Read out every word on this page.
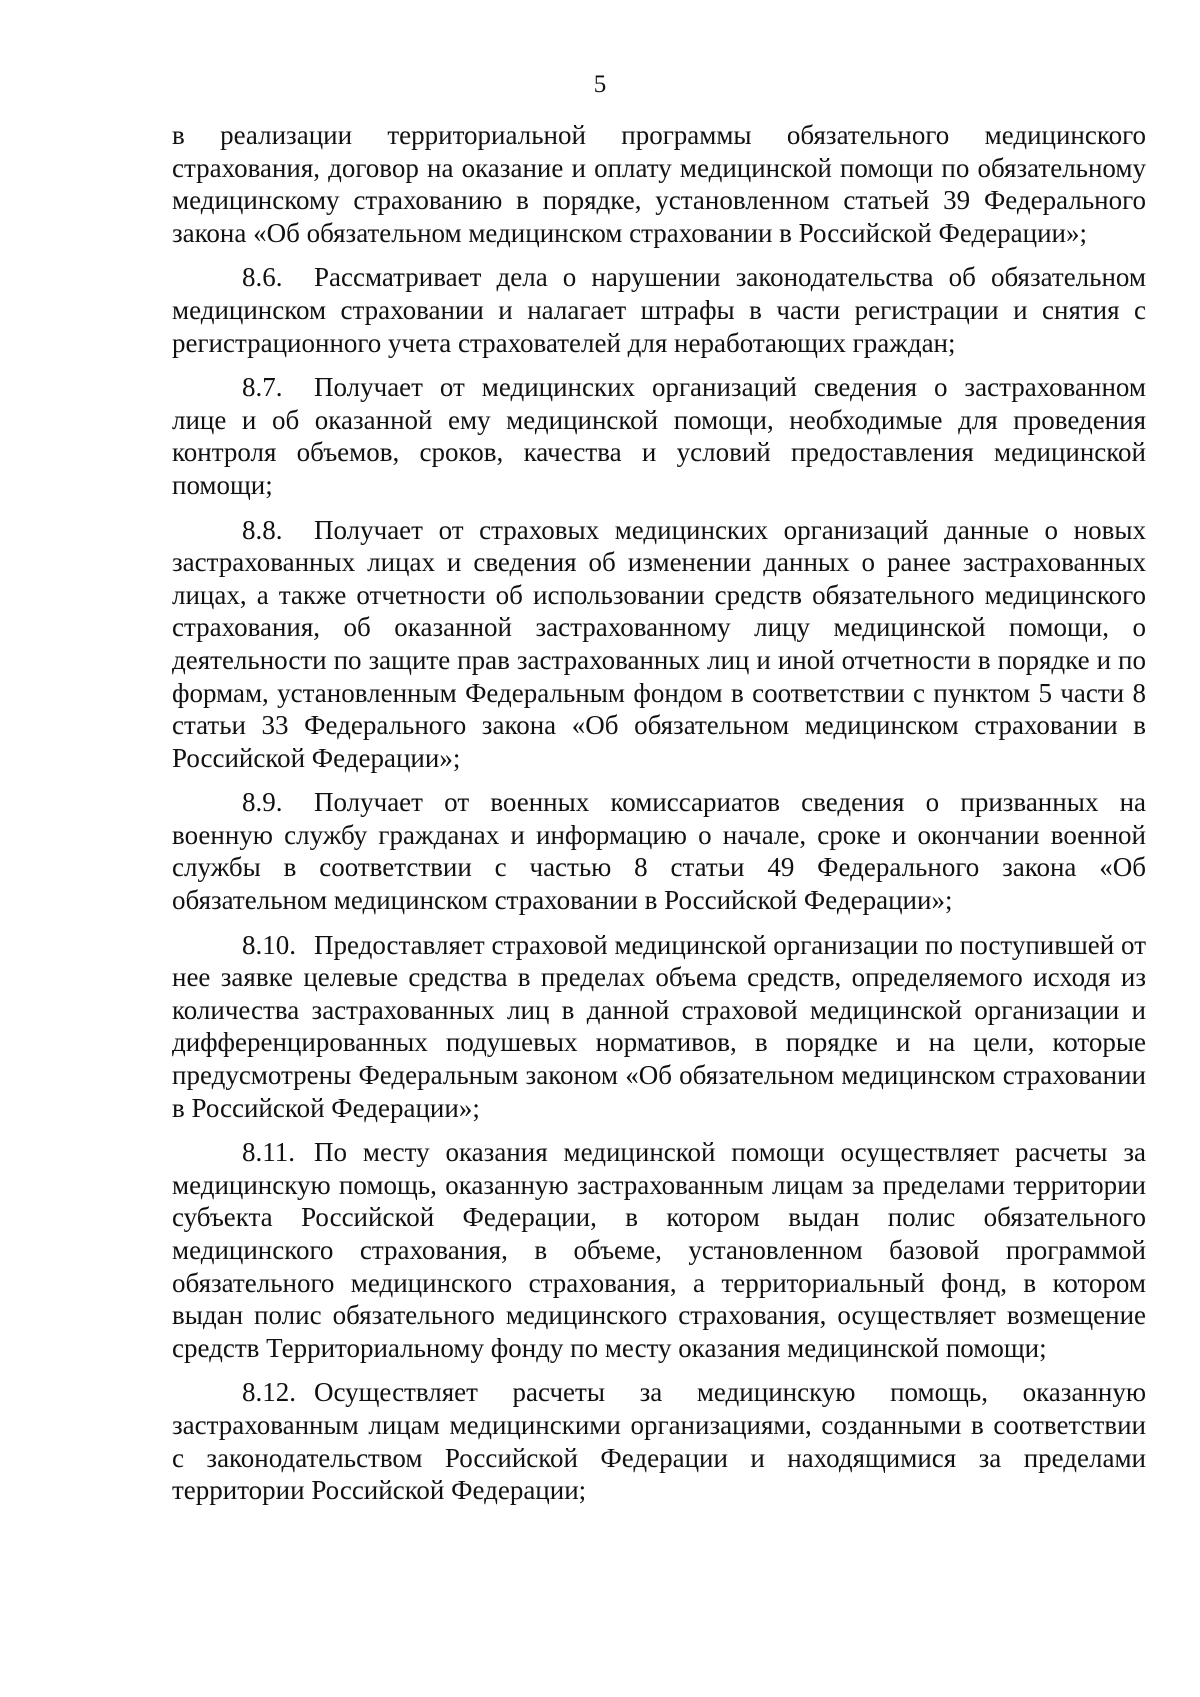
5

в реализации территориальной программы обязательного медицинского страхования, договор на оказание и оплату медицинской помощи по обязательному медицинскому страхованию в порядке, установленном статьей 39 Федерального закона «Об обязательном медицинском страховании в Российской Федерации»;

8.6. Рассматривает дела о нарушении законодательства об обязательном медицинском страховании и налагает штрафы в части регистрации и снятия с регистрационного учета страхователей для неработающих граждан;

8.7. Получает от медицинских организаций сведения о застрахованном лице и об оказанной ему медицинской помощи, необходимые для проведения контроля объемов, сроков, качества и условий предоставления медицинской помощи;

8.8. Получает от страховых медицинских организаций данные о новых застрахованных лицах и сведения об изменении данных о ранее застрахованных лицах, а также отчетности об использовании средств обязательного медицинского страхования, об оказанной застрахованному лицу медицинской помощи, о деятельности по защите прав застрахованных лиц и иной отчетности в порядке и по формам, установленным Федеральным фондом в соответствии с пунктом 5 части 8 статьи 33 Федерального закона «Об обязательном медицинском страховании в Российской Федерации»;

8.9. Получает от военных комиссариатов сведения о призванных на военную службу гражданах и информацию о начале, сроке и окончании военной службы в соответствии с частью 8 статьи 49 Федерального закона «Об обязательном медицинском страховании в Российской Федерации»;

8.10. Предоставляет страховой медицинской организации по поступившей от нее заявке целевые средства в пределах объема средств, определяемого исходя из количества застрахованных лиц в данной страховой медицинской организации и дифференцированных подушевых нормативов, в порядке и на цели, которые предусмотрены Федеральным законом «Об обязательном медицинском страховании в Российской Федерации»;

8.11. По месту оказания медицинской помощи осуществляет расчеты за медицинскую помощь, оказанную застрахованным лицам за пределами территории субъекта Российской Федерации, в котором выдан полис обязательного медицинского страхования, в объеме, установленном базовой программой обязательного медицинского страхования, а территориальный фонд, в котором выдан полис обязательного медицинского страхования, осуществляет возмещение средств Территориальному фонду по месту оказания медицинской помощи;

8.12. Осуществляет расчеты за медицинскую помощь, оказанную застрахованным лицам медицинскими организациями, созданными в соответствии с законодательством Российской Федерации и находящимися за пределами территории Российской Федерации;
